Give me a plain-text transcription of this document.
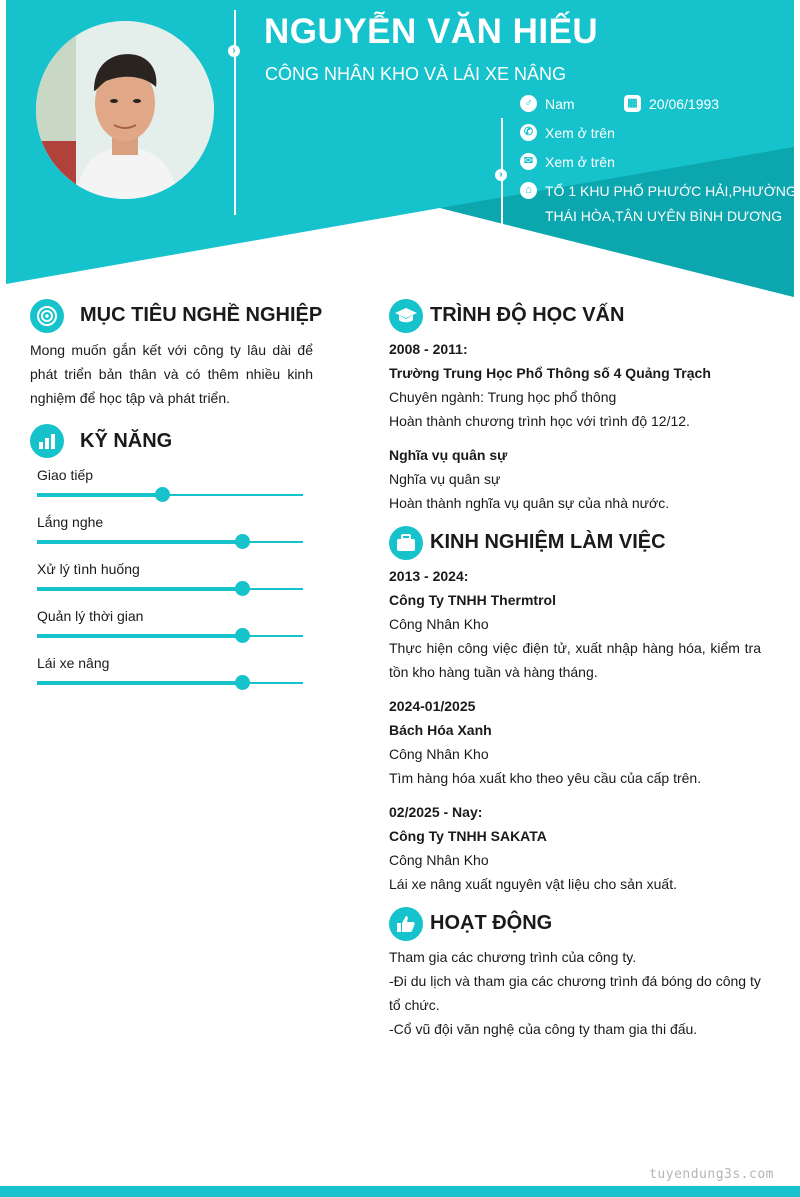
›
›
NGUYỄN VĂN HIẾU
CÔNG NHÂN KHO VÀ LÁI XE NÂNG
♂ Nam	▦ 20/06/1993
✆ Xem ở trên
✉ Xem ở trên
⌂ TỔ 1 KHU PHỐ PHƯỚC HẢI,PHƯỜNG
THÁI HÒA,TÂN UYÊN BÌNH DƯƠNG
MỤC TIÊU NGHỀ NGHIỆP
Mong muốn gắn kết với công ty lâu dài để
phát triển bản thân và có thêm nhiều kinh
nghiệm để học tập và phát triển.
KỸ NĂNG
Giao tiếp
Lắng nghe
Xử lý tình huống
Quản lý thời gian
Lái xe nâng
TRÌNH ĐỘ HỌC VẤN
2008 - 2011:
Trường Trung Học Phổ Thông số 4 Quảng Trạch
Chuyên ngành: Trung học phổ thông
Hoàn thành chương trình học với trình độ 12/12.
Nghĩa vụ quân sự
Nghĩa vụ quân sự
Hoàn thành nghĩa vụ quân sự của nhà nước.
KINH NGHIỆM LÀM VIỆC
2013 - 2024:
Công Ty TNHH Thermtrol
Công Nhân Kho
Thực hiện công việc điện tử, xuất nhập hàng hóa, kiểm tra
tồn kho hàng tuần và hàng tháng.
2024-01/2025
Bách Hóa Xanh
Công Nhân Kho
Tìm hàng hóa xuất kho theo yêu cầu của cấp trên.
02/2025 - Nay:
Công Ty TNHH SAKATA
Công Nhân Kho
Lái xe nâng xuất nguyên vật liệu cho sản xuất.
HOẠT ĐỘNG
Tham gia các chương trình của công ty.
-Đi du lịch và tham gia các chương trình đá bóng do công ty
tổ chức.
-Cổ vũ đội văn nghệ của công ty tham gia thi đấu.
tuyendung3s.com
